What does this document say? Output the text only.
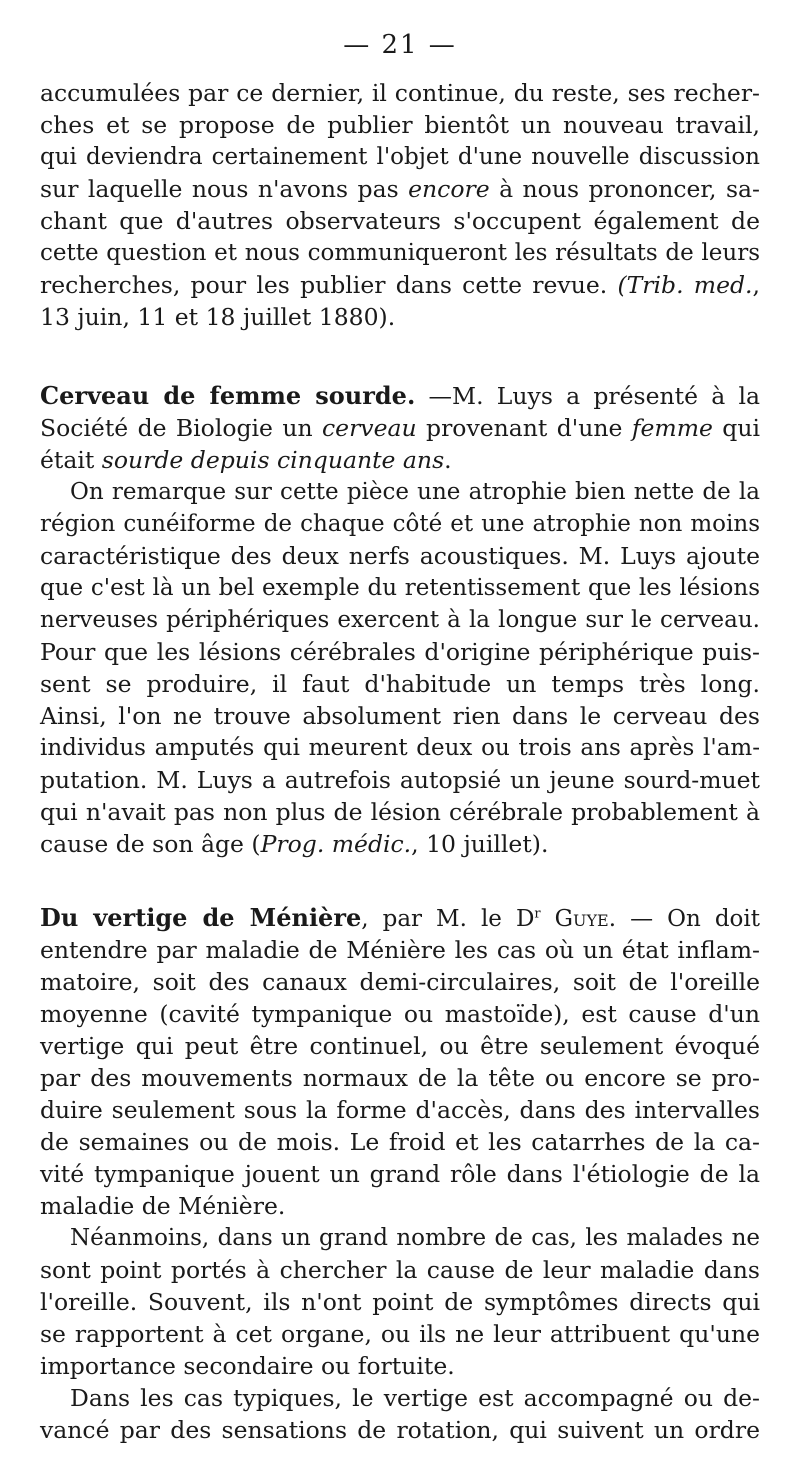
— 21 —
accumulées par ce dernier, il continue, du reste, ses recher-
ches et se propose de publier bientôt un nouveau travail,
qui deviendra certainement l'objet d'une nouvelle discussion
sur laquelle nous n'avons pas encore à nous prononcer, sa-
chant que d'autres observateurs s'occupent également de
cette question et nous communiqueront les résultats de leurs
recherches, pour les publier dans cette revue. (Trib. med.,
13 juin, 11 et 18 juillet 1880).
Cerveau de femme sourde. —M. Luys a présenté à la
Société de Biologie un cerveau provenant d'une femme qui
était sourde depuis cinquante ans.
On remarque sur cette pièce une atrophie bien nette de la
région cunéiforme de chaque côté et une atrophie non moins
caractéristique des deux nerfs acoustiques. M. Luys ajoute
que c'est là un bel exemple du retentissement que les lésions
nerveuses périphériques exercent à la longue sur le cerveau.
Pour que les lésions cérébrales d'origine périphérique puis-
sent se produire, il faut d'habitude un temps très long.
Ainsi, l'on ne trouve absolument rien dans le cerveau des
individus amputés qui meurent deux ou trois ans après l'am-
putation. M. Luys a autrefois autopsié un jeune sourd-muet
qui n'avait pas non plus de lésion cérébrale probablement à
cause de son âge (Prog. médic., 10 juillet).
Du vertige de Ménière, par M. le $D^r$ Guye. — On doit
entendre par maladie de Ménière les cas où un état inflam-
matoire, soit des canaux demi-circulaires, soit de l'oreille
moyenne (cavité tympanique ou mastoïde), est cause d'un
vertige qui peut être continuel, ou être seulement évoqué
par des mouvements normaux de la tête ou encore se pro-
duire seulement sous la forme d'accès, dans des intervalles
de semaines ou de mois. Le froid et les catarrhes de la ca-
vité tympanique jouent un grand rôle dans l'étiologie de la
maladie de Ménière.
Néanmoins, dans un grand nombre de cas, les malades ne
sont point portés à chercher la cause de leur maladie dans
l'oreille. Souvent, ils n'ont point de symptômes directs qui
se rapportent à cet organe, ou ils ne leur attribuent qu'une
importance secondaire ou fortuite.
Dans les cas typiques, le vertige est accompagné ou de-
vancé par des sensations de rotation, qui suivent un ordre
